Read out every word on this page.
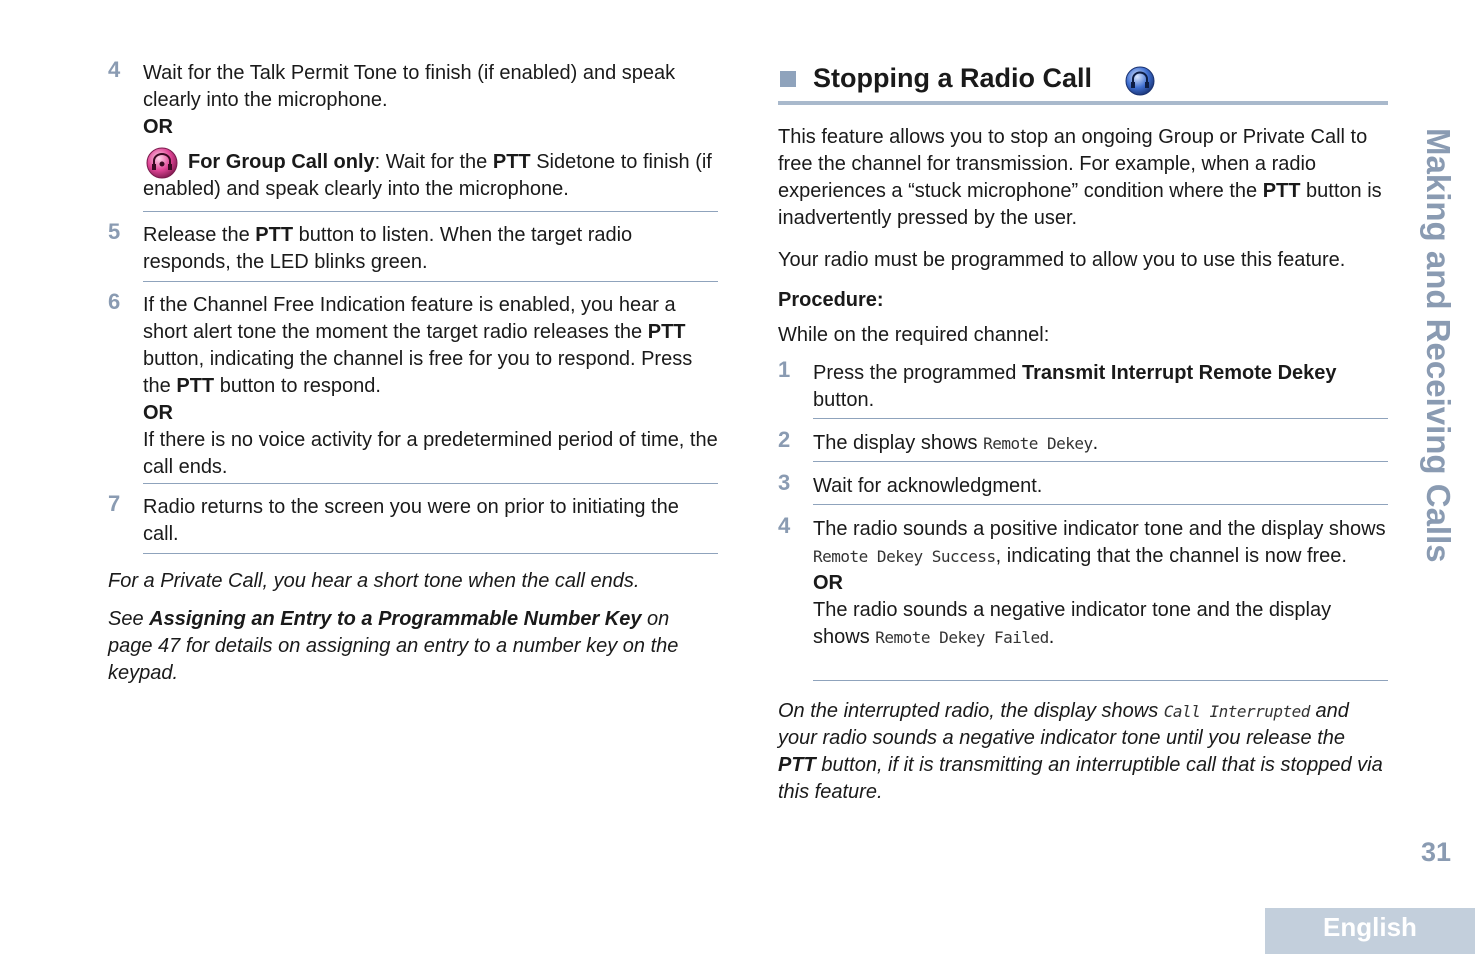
4	Wait for the Talk Permit Tone to finish (if enabled) and speak clearly into the microphone.
OR
For Group Call only: Wait for the PTT Sidetone to finish (if enabled) and speak clearly into the microphone.
5	Release the PTT button to listen. When the target radio responds, the LED blinks green.
6	If the Channel Free Indication feature is enabled, you hear a short alert tone the moment the target radio releases the PTT button, indicating the channel is free for you to respond. Press the PTT button to respond.
OR
If there is no voice activity for a predetermined period of time, the call ends.
7	Radio returns to the screen you were on prior to initiating the call.
For a Private Call, you hear a short tone when the call ends.
See Assigning an Entry to a Programmable Number Key on page 47 for details on assigning an entry to a number key on the keypad.
Stopping a Radio Call
This feature allows you to stop an ongoing Group or Private Call to free the channel for transmission. For example, when a radio experiences a “stuck microphone” condition where the PTT button is inadvertently pressed by the user.
Your radio must be programmed to allow you to use this feature.
Procedure:
While on the required channel:
1	Press the programmed Transmit Interrupt Remote Dekey button.
2	The display shows Remote Dekey.
3	Wait for acknowledgment.
4	The radio sounds a positive indicator tone and the display shows Remote Dekey Success, indicating that the channel is now free.
OR
The radio sounds a negative indicator tone and the display shows Remote Dekey Failed.
On the interrupted radio, the display shows Call Interrupted and your radio sounds a negative indicator tone until you release the PTT button, if it is transmitting an interruptible call that is stopped via this feature.
Making and Receiving Calls
31
English
